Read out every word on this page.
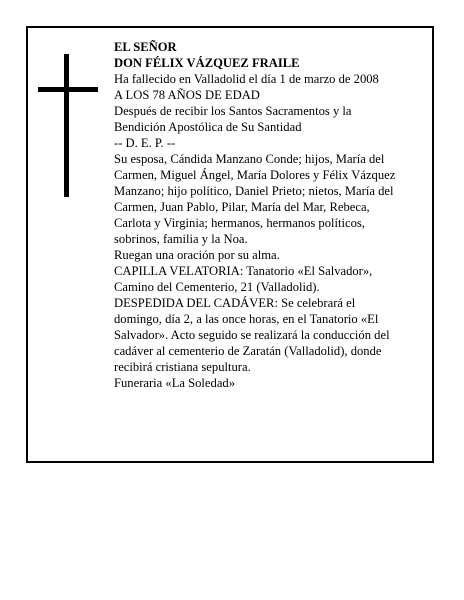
EL SEÑOR
DON FÉLIX VÁZQUEZ FRAILE
Ha fallecido en Valladolid el día 1 de marzo de 2008
A LOS 78 AÑOS DE EDAD
Después de recibir los Santos Sacramentos y la
Bendición Apostólica de Su Santidad
-- D. E. P. --
Su esposa, Cándida Manzano Conde; hijos, María del
Carmen, Miguel Ángel, María Dolores y Félix Vázquez
Manzano; hijo político, Daniel Prieto; nietos, María del
Carmen, Juan Pablo, Pilar, María del Mar, Rebeca,
Carlota y Virginia; hermanos, hermanos políticos,
sobrinos, familia y la Noa.
Ruegan una oración por su alma.
CAPILLA VELATORIA: Tanatorio «El Salvador»,
Camino del Cementerio, 21 (Valladolid).
DESPEDIDA DEL CADÁVER: Se celebrará el
domingo, día 2, a las once horas, en el Tanatorio «El
Salvador». Acto seguido se realizará la conducción del
cadáver al cementerio de Zaratán (Valladolid), donde
recibirá cristiana sepultura.
Funeraria «La Soledad»
